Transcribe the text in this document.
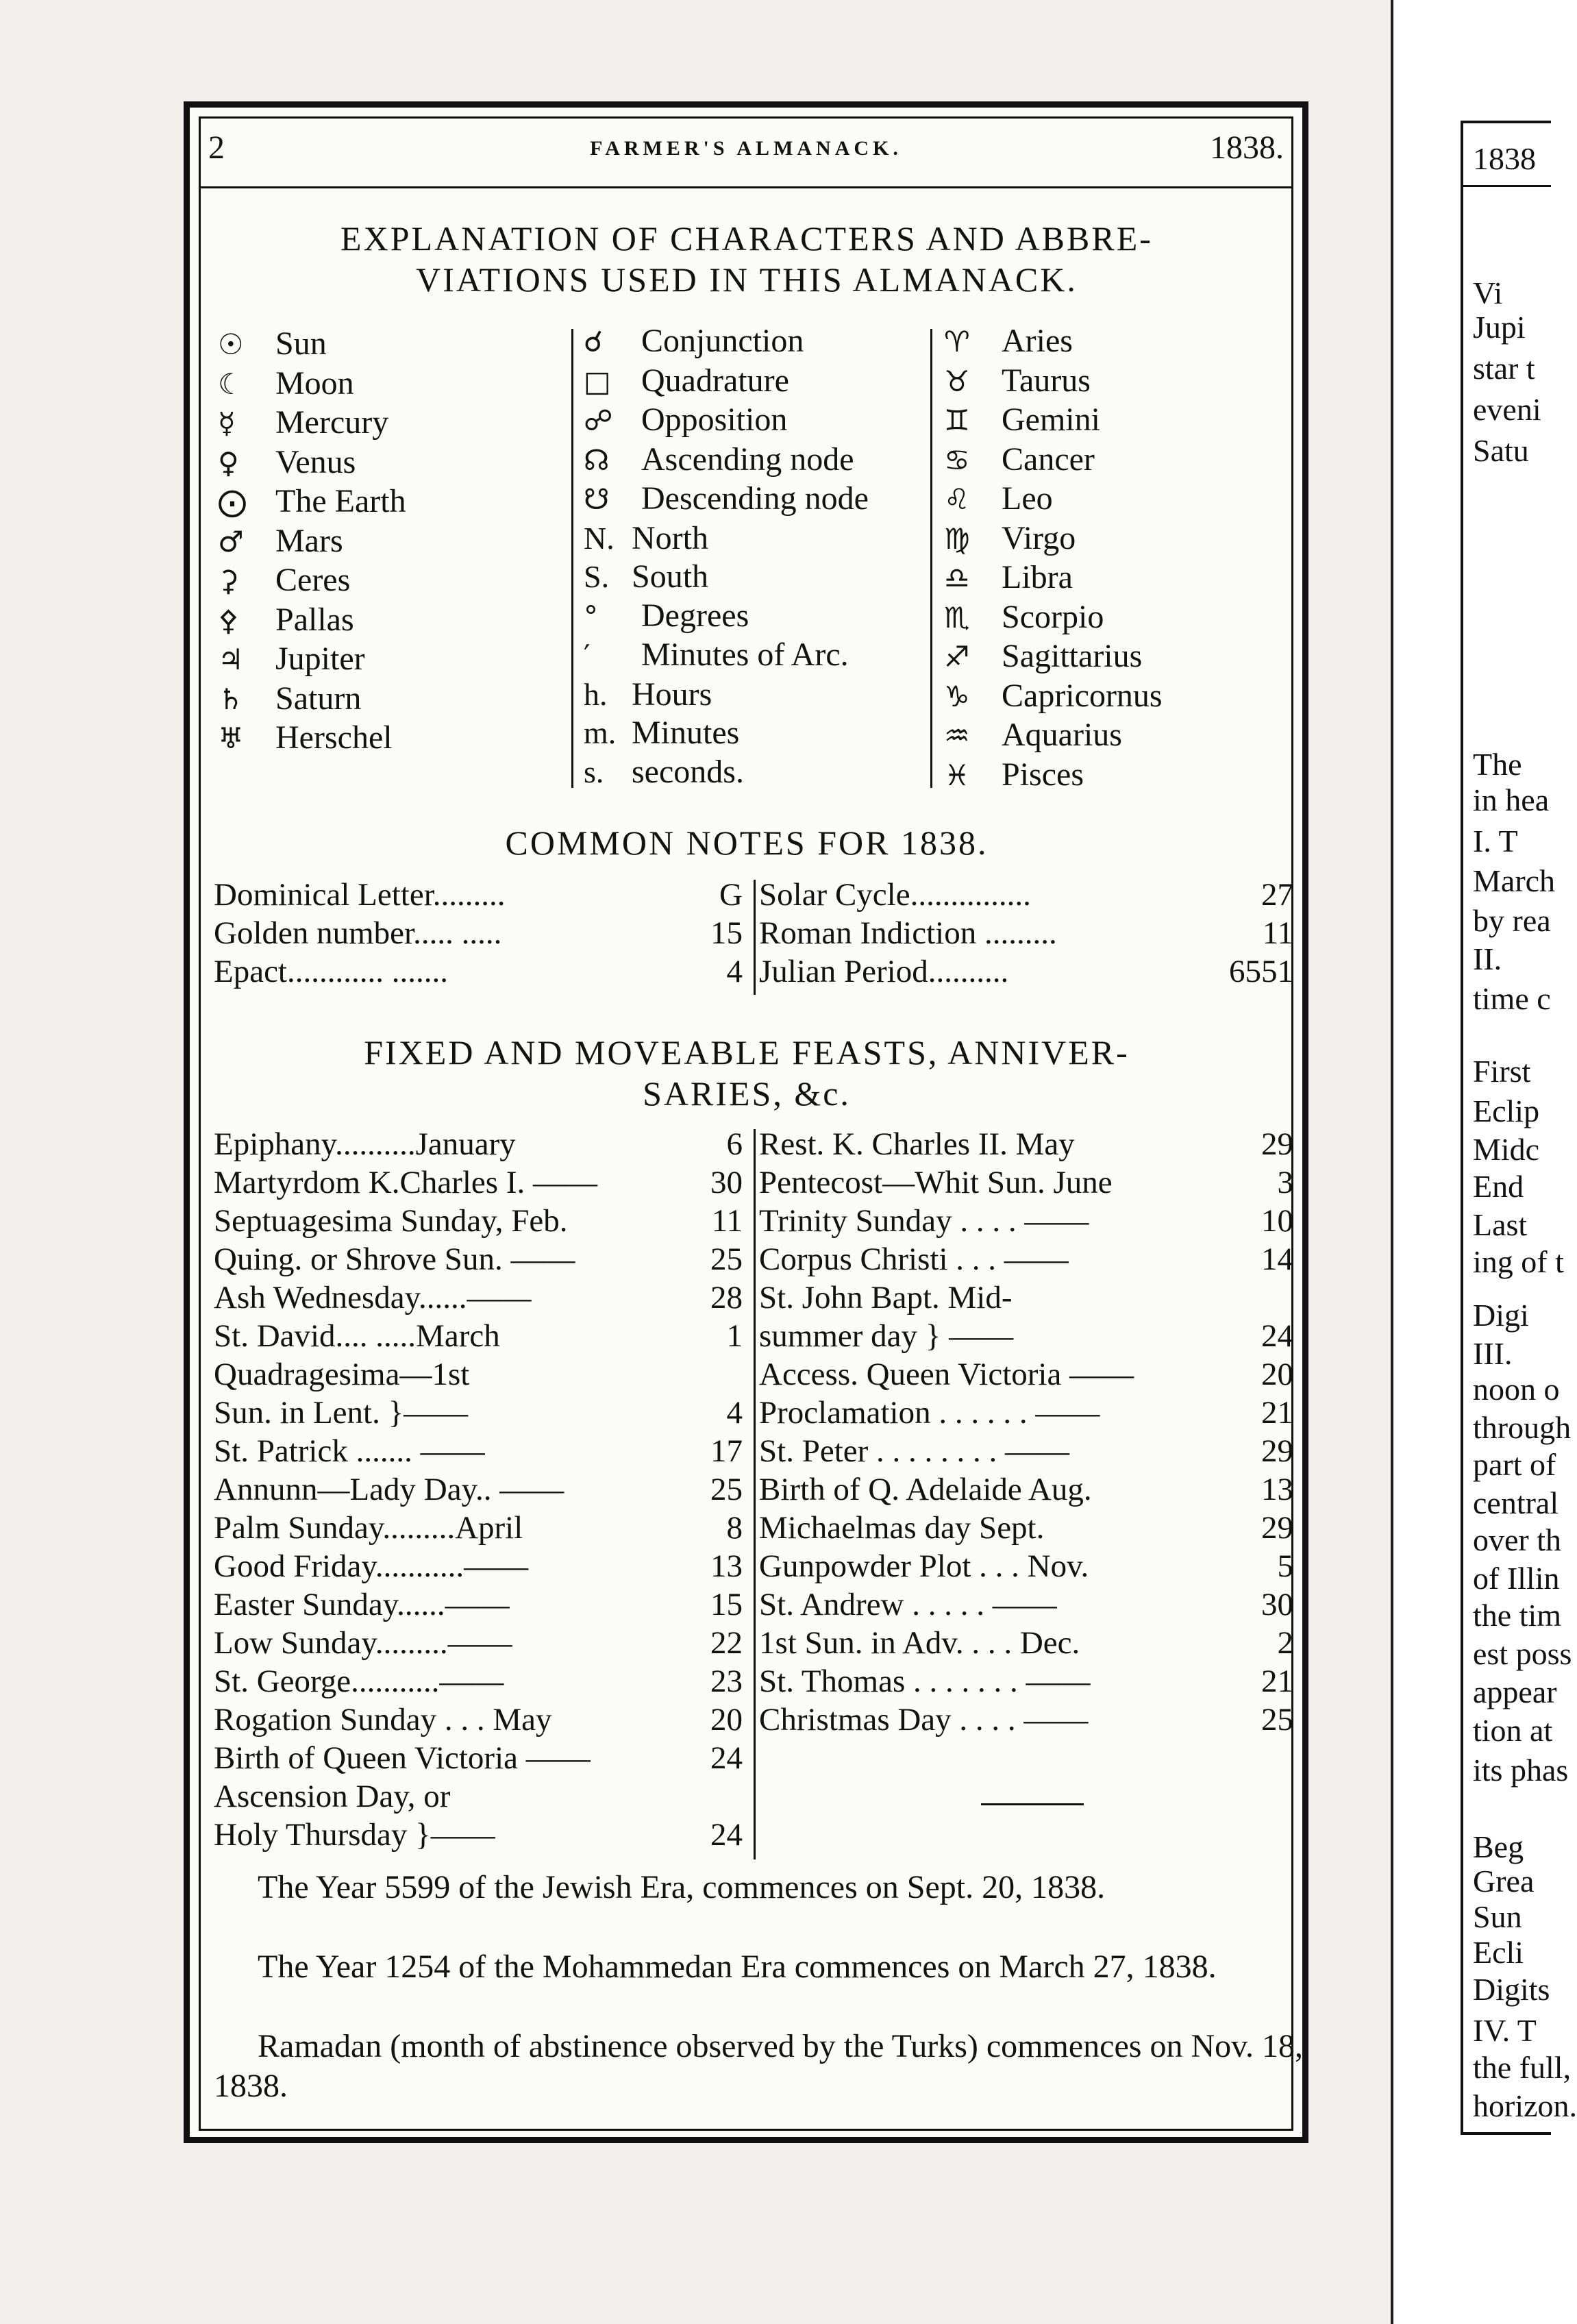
2	FARMER'S ALMANACK.	1838.
EXPLANATION OF CHARACTERS AND ABBRE-
VIATIONS USED IN THIS ALMANACK.
☉ Sun
☾ Moon
☿	Mercury
♀	Venus
⨀ The Earth
♂ Mars
⚳	Ceres
⚴	Pallas
♃ Jupiter
♄ Saturn
♅ Herschel
☌	Conjunction
□ Quadrature
☍ Opposition
☊ Ascending node
☋ Descending node
N. North
S. South
°	Degrees
′	Minutes of Arc.
h. Hours
m. Minutes
s. seconds.
♈ Aries
♉ Taurus
♊ Gemini
♋ Cancer
♌ Leo
♍ Virgo
♎ Libra
♏ Scorpio
♐ Sagittarius
♑ Capricornus
♒ Aquarius
♓ Pisces
COMMON NOTES FOR 1838.
Dominical Letter.........	G
Golden number..... .....	15
Epact............ .......	4
Solar Cycle...............	27
Roman Indiction .........	11
Julian Period..........	6551
FIXED AND MOVEABLE FEASTS, ANNIVER-
SARIES, &c.
Epiphany..........January	6
Martyrdom K.Charles I. ——	30
Septuagesima Sunday, Feb.	11
Quing. or Shrove Sun. ——	25
Ash Wednesday......——	28
St. David.... .....March	1
Quadragesima—1st
Sun. in Lent. }——	4
St. Patrick ....... ——	17
Annunn—Lady Day.. ——	25
Palm Sunday.........April	8
Good Friday...........——	13
Easter Sunday......——	15
Low Sunday.........——	22
St. George...........——	23
Rogation Sunday . . . May	20
Birth of Queen Victoria ——	24
Ascension Day, or
Holy Thursday }——	24
Rest. K. Charles II. May	29
Pentecost—Whit Sun. June	3
Trinity Sunday . . . . ——	10
Corpus Christi . . . ——	14
St. John Bapt. Mid-
summer day } ——	24
Access. Queen Victoria ——	20
Proclamation . . . . . . ——	21
St. Peter . . . . . . . . ——	29
Birth of Q. Adelaide Aug.	13
Michaelmas day Sept.	29
Gunpowder Plot . . . Nov.	5
St. Andrew . . . . . ——	30
1st Sun. in Adv. . . . Dec.	2
St. Thomas . . . . . . . ——	21
Christmas Day . . . . ——	25
The Year 5599 of the Jewish Era, commences on Sept. 20, 1838.
The Year 1254 of the Mohammedan Era commences on March 27, 1838.
Ramadan (month of abstinence observed by the Turks) commences on Nov. 18, 1838.
1838
Vi
Jupi
star t
eveni
Satu
The
in hea
I. T
March
by rea
II.
time c
First
Eclip
Midc
End
Last
ing of t
Digi
III.
noon o
through
part of
central
over th
of Illin
the tim
est poss
appear
tion at
its phas
Beg
Grea
Sun
Ecli
Digits
IV. T
the full,
horizon.
